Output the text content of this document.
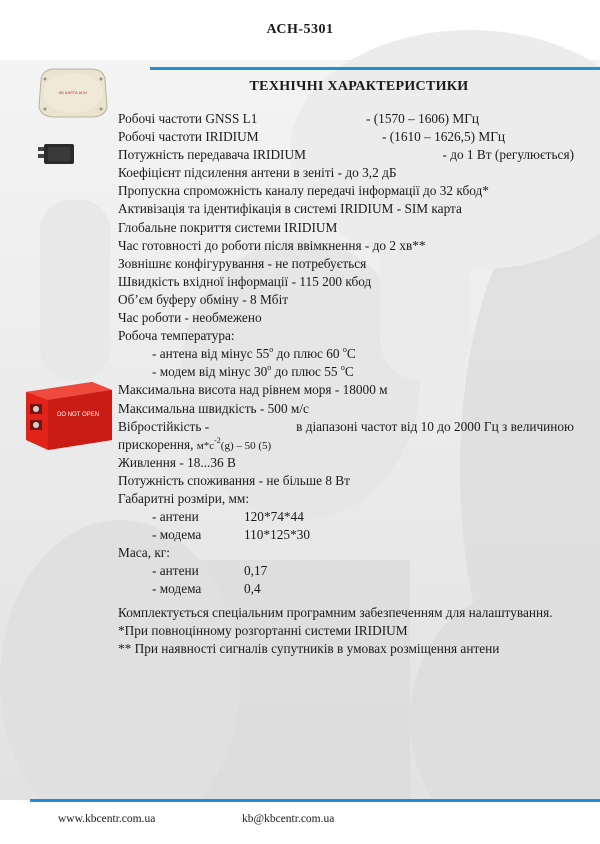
АСН-5301
ТЕХНІЧНІ ХАРАКТЕРИСТИКИ
КБ КАРТА ACH
DO NOT OPEN
Робочі частоти GNSS L1	- (1570 – 1606) МГц
Робочі частоти IRIDIUM	- (1610 – 1626,5) МГц
Потужність передавача IRIDIUM	- до 1 Вт (регулюється)
Коефіцієнт підсилення антени в зеніті - до 3,2 дБ
Пропускна спроможність каналу передачі інформації до 32 кбод*
Активізація та ідентифікація в системі IRIDIUM - SIM карта
Глобальне покриття системи IRIDIUM
Час готовності до роботи після ввімкнення - до 2 хв**
Зовнішнє конфігурування - не потребується
Швидкість вхідної інформації - 115 200 кбод
Об’єм буферу обміну - 8 Мбіт
Час роботи - необмежено
Робоча температура:
- антена від мінус $55^о$ до плюс 60 $^о$С
- модем від мінус $30^о$ до плюс 55 $^о$С
Максимальна висота над рівнем моря - 18000 м
Максимальна швидкість - 500 м/с
Вібростійкість -	в діапазоні частот від 10 до 2000 Гц з величиною
прискорення, $м*с^{-2}(g) - 50$ (5)
Живлення - 18...36 В
Потужність споживання - не більше 8 Вт
Габаритні розміри, мм:
- антени	120*74*44
- модема	110*125*30
Маса, кг:
- антени	0,17
- модема	0,4
Комплектується спеціальним програмним забезпеченням для налаштування.
*При повноцінному розгортанні системи IRIDIUM
** При наявності сигналів супутників в умовах розміщення антени
www.kbcentr.com.ua	kb@kbcentr.com.ua
